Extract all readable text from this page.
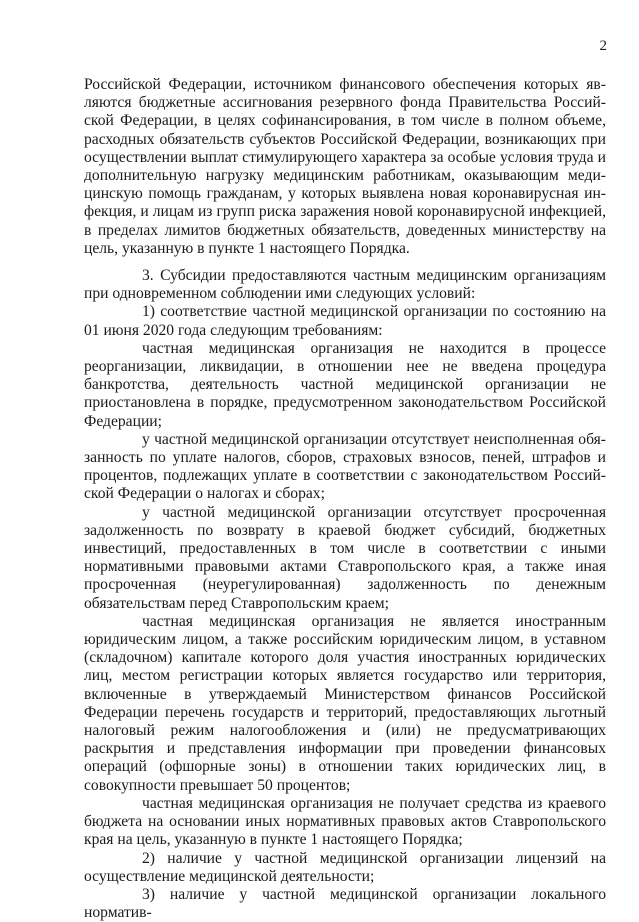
2

Российской Федерации, источником финансового обеспечения которых являются бюджетные ассигнования резервного фонда Правительства Российской Федерации, в целях софинансирования, в том числе в полном объеме, расходных обязательств субъектов Российской Федерации, возникающих при осуществлении выплат стимулирующего характера за особые условия труда и дополнительную нагрузку медицинским работникам, оказывающим медицинскую помощь гражданам, у которых выявлена новая коронавирусная инфекция, и лицам из групп риска заражения новой коронавирусной инфекцией, в пределах лимитов бюджетных обязательств, доведенных министерству на цель, указанную в пункте 1 настоящего Порядка.

3. Субсидии предоставляются частным медицинским организациям при одновременном соблюдении ими следующих условий:

1) соответствие частной медицинской организации по состоянию на 01 июня 2020 года следующим требованиям:

частная медицинская организация не находится в процессе реорганизации, ликвидации, в отношении нее не введена процедура банкротства, деятельность частной медицинской организации не приостановлена в порядке, предусмотренном законодательством Российской Федерации;

у частной медицинской организации отсутствует неисполненная обязанность по уплате налогов, сборов, страховых взносов, пеней, штрафов и процентов, подлежащих уплате в соответствии с законодательством Российской Федерации о налогах и сборах;

у частной медицинской организации отсутствует просроченная задолженность по возврату в краевой бюджет субсидий, бюджетных инвестиций, предоставленных в том числе в соответствии с иными нормативными правовыми актами Ставропольского края, а также иная просроченная (неурегулированная) задолженность по денежным обязательствам перед Ставропольским краем;

частная медицинская организация не является иностранным юридическим лицом, а также российским юридическим лицом, в уставном (складочном) капитале которого доля участия иностранных юридических лиц, местом регистрации которых является государство или территория, включенные в утверждаемый Министерством финансов Российской Федерации перечень государств и территорий, предоставляющих льготный налоговый режим налогообложения и (или) не предусматривающих раскрытия и представления информации при проведении финансовых операций (офшорные зоны) в отношении таких юридических лиц, в совокупности превышает 50 процентов;

частная медицинская организация не получает средства из краевого бюджета на основании иных нормативных правовых актов Ставропольского края на цель, указанную в пункте 1 настоящего Порядка;

2) наличие у частной медицинской организации лицензий на осуществление медицинской деятельности;

3) наличие у частной медицинской организации локального норматив-
